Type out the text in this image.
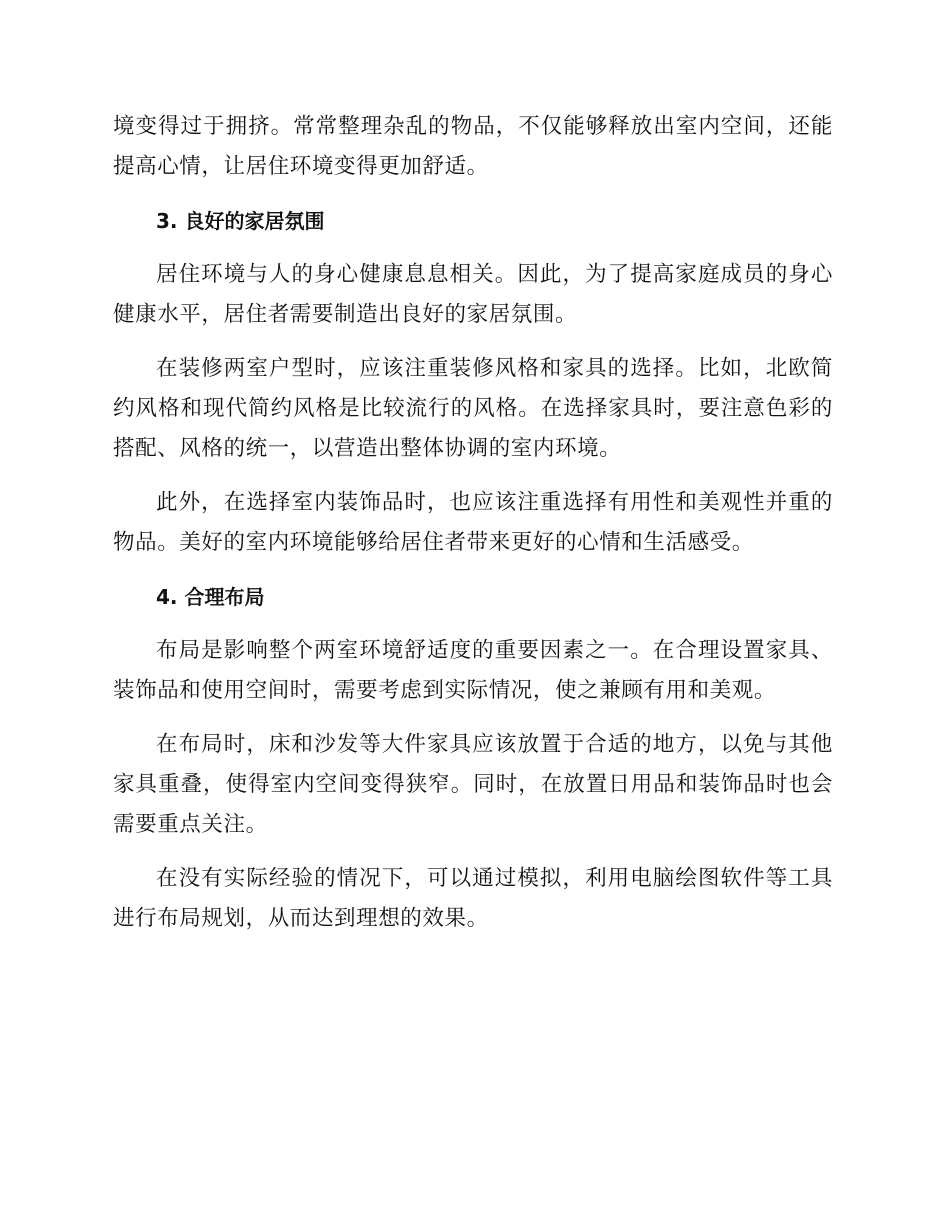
境变得过于拥挤。常常整理杂乱的物品，不仅能够释放出室内空间，还能提高心情，让居住环境变得更加舒适。

3. 良好的家居氛围

居住环境与人的身心健康息息相关。因此，为了提高家庭成员的身心健康水平，居住者需要制造出良好的家居氛围。

在装修两室户型时，应该注重装修风格和家具的选择。比如，北欧简约风格和现代简约风格是比较流行的风格。在选择家具时，要注意色彩的搭配、风格的统一，以营造出整体协调的室内环境。

此外，在选择室内装饰品时，也应该注重选择有用性和美观性并重的物品。美好的室内环境能够给居住者带来更好的心情和生活感受。

4. 合理布局

布局是影响整个两室环境舒适度的重要因素之一。在合理设置家具、装饰品和使用空间时，需要考虑到实际情况，使之兼顾有用和美观。

在布局时，床和沙发等大件家具应该放置于合适的地方，以免与其他家具重叠，使得室内空间变得狭窄。同时，在放置日用品和装饰品时也会需要重点关注。

在没有实际经验的情况下，可以通过模拟，利用电脑绘图软件等工具进行布局规划，从而达到理想的效果。
